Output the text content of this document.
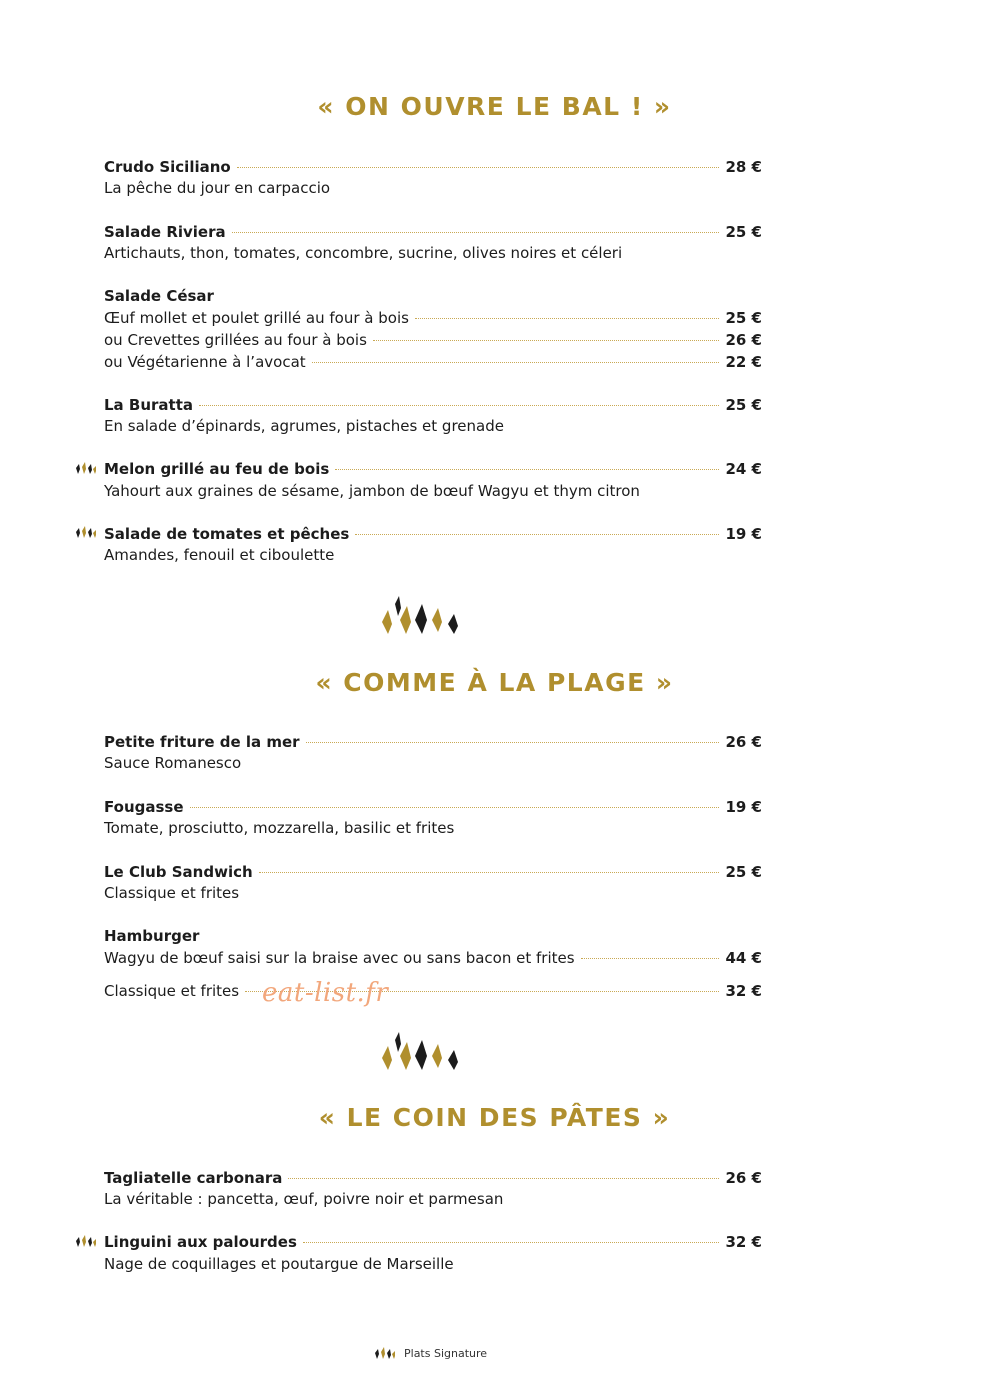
« ON OUVRE LE BAL ! »
Crudo Siciliano	28 €
La pêche du jour en carpaccio
Salade Riviera	25 €
Artichauts, thon, tomates, concombre, sucrine, olives noires et céleri
Salade César
Œuf mollet et poulet grillé au four à bois	25 €
ou Crevettes grillées au four à bois	26 €
ou Végétarienne à l’avocat	22 €
La Buratta	25 €
En salade d’épinards, agrumes, pistaches et grenade
Melon grillé au feu de bois	24 €
Yahourt aux graines de sésame, jambon de bœuf Wagyu et thym citron
Salade de tomates et pêches	19 €
Amandes, fenouil et ciboulette
« COMME À LA PLAGE »
Petite friture de la mer	26 €
Sauce Romanesco
Fougasse	19 €
Tomate, prosciutto, mozzarella, basilic et frites
Le Club Sandwich	25 €
Classique et frites
Hamburger
Wagyu de bœuf saisi sur la braise avec ou sans bacon et frites	44 €
Classique et frites	32 €
eat-list.fr
« LE COIN DES PÂTES »
Tagliatelle carbonara	26 €
La véritable : pancetta, œuf, poivre noir et parmesan
Linguini aux palourdes	32 €
Nage de coquillages et poutargue de Marseille
Plats Signature
